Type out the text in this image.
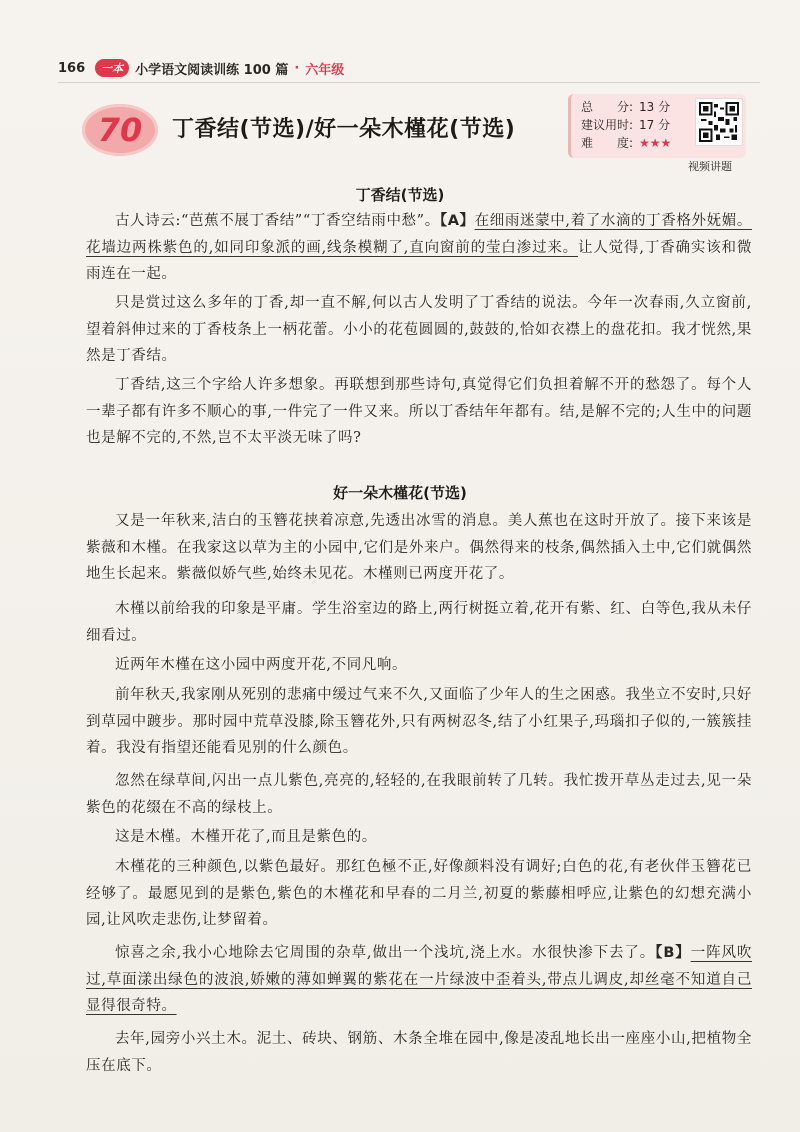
166	一本 小学语文阅读训练 100 篇 · 六年级
70 丁香结(节选)/好一朵木槿花(节选)
总　　分: 13 分
建议用时: 17 分
难　　度: ★★★
视频讲题
丁香结(节选)

古人诗云:“芭蕉不展丁香结”“丁香空结雨中愁”。【A】在细雨迷蒙中,着了水滴的丁香格外妩媚。花墙边两株紫色的,如同印象派的画,线条模糊了,直向窗前的莹白渗过来。让人觉得,丁香确实该和微雨连在一起。

只是赏过这么多年的丁香,却一直不解,何以古人发明了丁香结的说法。今年一次春雨,久立窗前,望着斜伸过来的丁香枝条上一柄花蕾。小小的花苞圆圆的,鼓鼓的,恰如衣襟上的盘花扣。我才恍然,果然是丁香结。

丁香结,这三个字给人许多想象。再联想到那些诗句,真觉得它们负担着解不开的愁怨了。每个人一辈子都有许多不顺心的事,一件完了一件又来。所以丁香结年年都有。结,是解不完的;人生中的问题也是解不完的,不然,岂不太平淡无味了吗?

好一朵木槿花(节选)

又是一年秋来,洁白的玉簪花挟着凉意,先透出冰雪的消息。美人蕉也在这时开放了。接下来该是紫薇和木槿。在我家这以草为主的小园中,它们是外来户。偶然得来的枝条,偶然插入土中,它们就偶然地生长起来。紫薇似娇气些,始终未见花。木槿则已两度开花了。

木槿以前给我的印象是平庸。学生浴室边的路上,两行树挺立着,花开有紫、红、白等色,我从未仔细看过。

近两年木槿在这小园中两度开花,不同凡响。

前年秋天,我家刚从死别的悲痛中缓过气来不久,又面临了少年人的生之困惑。我坐立不安时,只好到草园中踱步。那时园中荒草没膝,除玉簪花外,只有两树忍冬,结了小红果子,玛瑙扣子似的,一簇簇挂着。我没有指望还能看见别的什么颜色。

忽然在绿草间,闪出一点儿紫色,亮亮的,轻轻的,在我眼前转了几转。我忙拨开草丛走过去,见一朵紫色的花缀在不高的绿枝上。

这是木槿。木槿开花了,而且是紫色的。

木槿花的三种颜色,以紫色最好。那红色極不正,好像颜料没有调好;白色的花,有老伙伴玉簪花已经够了。最愿见到的是紫色,紫色的木槿花和早春的二月兰,初夏的紫藤相呼应,让紫色的幻想充满小园,让风吹走悲伤,让梦留着。

惊喜之余,我小心地除去它周围的杂草,做出一个浅坑,浇上水。水很快渗下去了。【B】一阵风吹过,草面漾出绿色的波浪,娇嫩的薄如蝉翼的紫花在一片绿波中歪着头,带点儿调皮,却丝毫不知道自己显得很奇特。

去年,园旁小兴土木。泥土、砖块、钢筋、木条全堆在园中,像是凌乱地长出一座座小山,把植物全压在底下。
